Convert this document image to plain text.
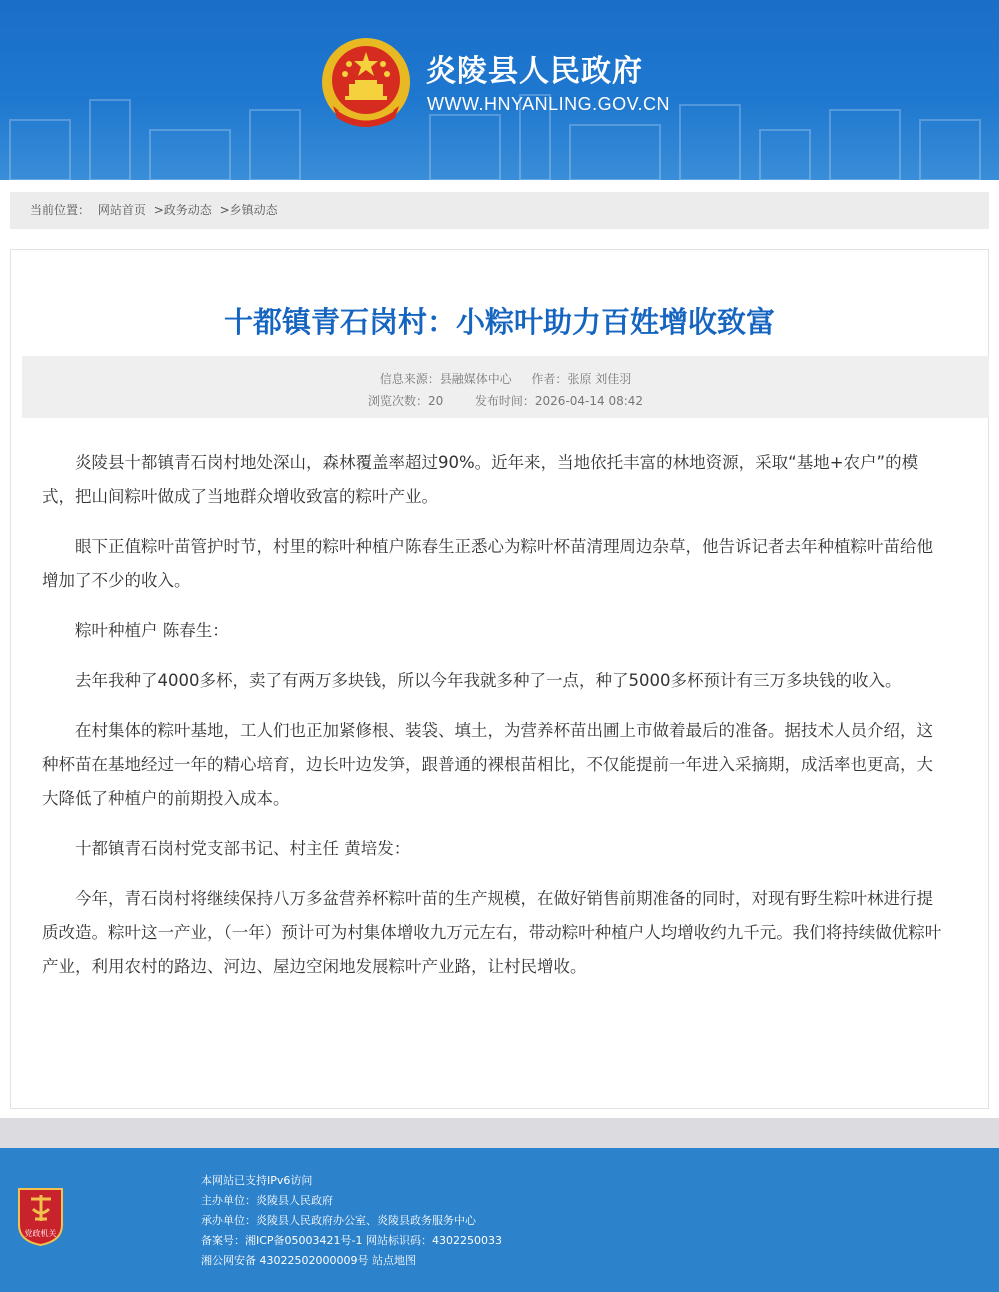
炎陵县人民政府
WWW.HNYANLING.GOV.CN
当前位置： 网站首页 >政务动态 >乡镇动态
十都镇青石岗村：小粽叶助力百姓增收致富
信息来源：县融媒体中心 作者：张原 刘佳羽
浏览次数：20	发布时间：2026-04-14 08:42

炎陵县十都镇青石岗村地处深山，森林覆盖率超过90%。近年来，当地依托丰富的林地资源，采取“基地+农户”的模式，把山间粽叶做成了当地群众增收致富的粽叶产业。

眼下正值粽叶苗管护时节，村里的粽叶种植户陈春生正悉心为粽叶杯苗清理周边杂草，他告诉记者去年种植粽叶苗给他增加了不少的收入。

粽叶种植户 陈春生：

去年我种了4000多杯，卖了有两万多块钱，所以今年我就多种了一点，种了5000多杯预计有三万多块钱的收入。

在村集体的粽叶基地，工人们也正加紧修根、装袋、填土，为营养杯苗出圃上市做着最后的准备。据技术人员介绍，这种杯苗在基地经过一年的精心培育，边长叶边发笋，跟普通的裸根苗相比，不仅能提前一年进入采摘期，成活率也更高，大大降低了种植户的前期投入成本。

十都镇青石岗村党支部书记、村主任 黄培发：

今年，青石岗村将继续保持八万多盆营养杯粽叶苗的生产规模，在做好销售前期准备的同时，对现有野生粽叶林进行提质改造。粽叶这一产业，（一年）预计可为村集体增收九万元左右，带动粽叶种植户人均增收约九千元。我们将持续做优粽叶产业，利用农村的路边、河边、屋边空闲地发展粽叶产业路，让村民增收。

党政机关
本网站已支持IPv6访问
主办单位：炎陵县人民政府
承办单位：炎陵县人民政府办公室、炎陵县政务服务中心
备案号：湘ICP备05003421号-1 网站标识码：4302250033
湘公网安备 43022502000009号 站点地图
